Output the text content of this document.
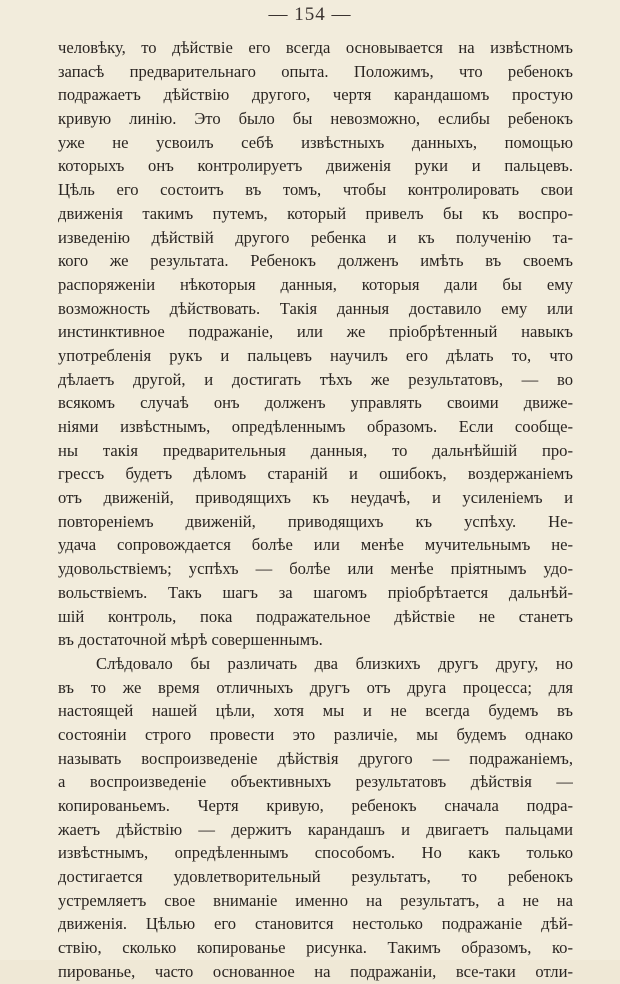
— 154 —
человѣку, то дѣйствіе его всегда основывается на извѣстномъ
запасѣ предварительнаго опыта. Положимъ, что ребенокъ
подражаетъ дѣйствію другого, чертя карандашомъ простую
кривую линію. Это было бы невозможно, еслибы ребенокъ
уже не усвоилъ себѣ извѣстныхъ данныхъ, помощью
которыхъ онъ контролируетъ движенія руки и пальцевъ.
Цѣль его состоитъ въ томъ, чтобы контролировать свои
движенія такимъ путемъ, который привелъ бы къ воспро-
изведенію дѣйствій другого ребенка и къ полученію та-
кого же результата. Ребенокъ долженъ имѣть въ своемъ
распоряженіи нѣкоторыя данныя, которыя дали бы ему
возможность дѣйствовать. Такія данныя доставило ему или
инстинктивное подражаніе, или же пріобрѣтенный навыкъ
употребленія рукъ и пальцевъ научилъ его дѣлать то, что
дѣлаетъ другой, и достигать тѣхъ же результатовъ, — во
всякомъ случаѣ онъ долженъ управлять своими движе-
ніями извѣстнымъ, опредѣленнымъ образомъ. Если сообще-
ны такія предварительныя данныя, то дальнѣйшій про-
грессъ будетъ дѣломъ стараній и ошибокъ, воздержаніемъ
отъ движеній, приводящихъ къ неудачѣ, и усиленіемъ и
повтореніемъ движеній, приводящихъ къ успѣху. Не-
удача сопровождается болѣе или менѣе мучительнымъ не-
удовольствіемъ; успѣхъ — болѣе или менѣе пріятнымъ удо-
вольствіемъ. Такъ шагъ за шагомъ пріобрѣтается дальнѣй-
шій контроль, пока подражательное дѣйствіе не станетъ
въ достаточной мѣрѣ совершеннымъ.
Слѣдовало бы различать два близкихъ другъ другу, но
въ то же время отличныхъ другъ отъ друга процесса; для
настоящей нашей цѣли, хотя мы и не всегда будемъ въ
состояніи строго провести это различіе, мы будемъ однако
называть воспроизведеніе дѣйствія другого — подражаніемъ,
а воспроизведеніе объективныхъ результатовъ дѣйствія —
копированьемъ. Чертя кривую, ребенокъ сначала подра-
жаетъ дѣйствію — держитъ карандашъ и двигаетъ пальцами
извѣстнымъ, опредѣленнымъ способомъ. Но какъ только
достигается удовлетворительный результатъ, то ребенокъ
устремляетъ свое вниманіе именно на результатъ, а не на
движенія. Цѣлью его становится нестолько подражаніе дѣй-
ствію, сколько копированье рисунка. Такимъ образомъ, ко-
пированье, часто основанное на подражаніи, все-таки отли-
